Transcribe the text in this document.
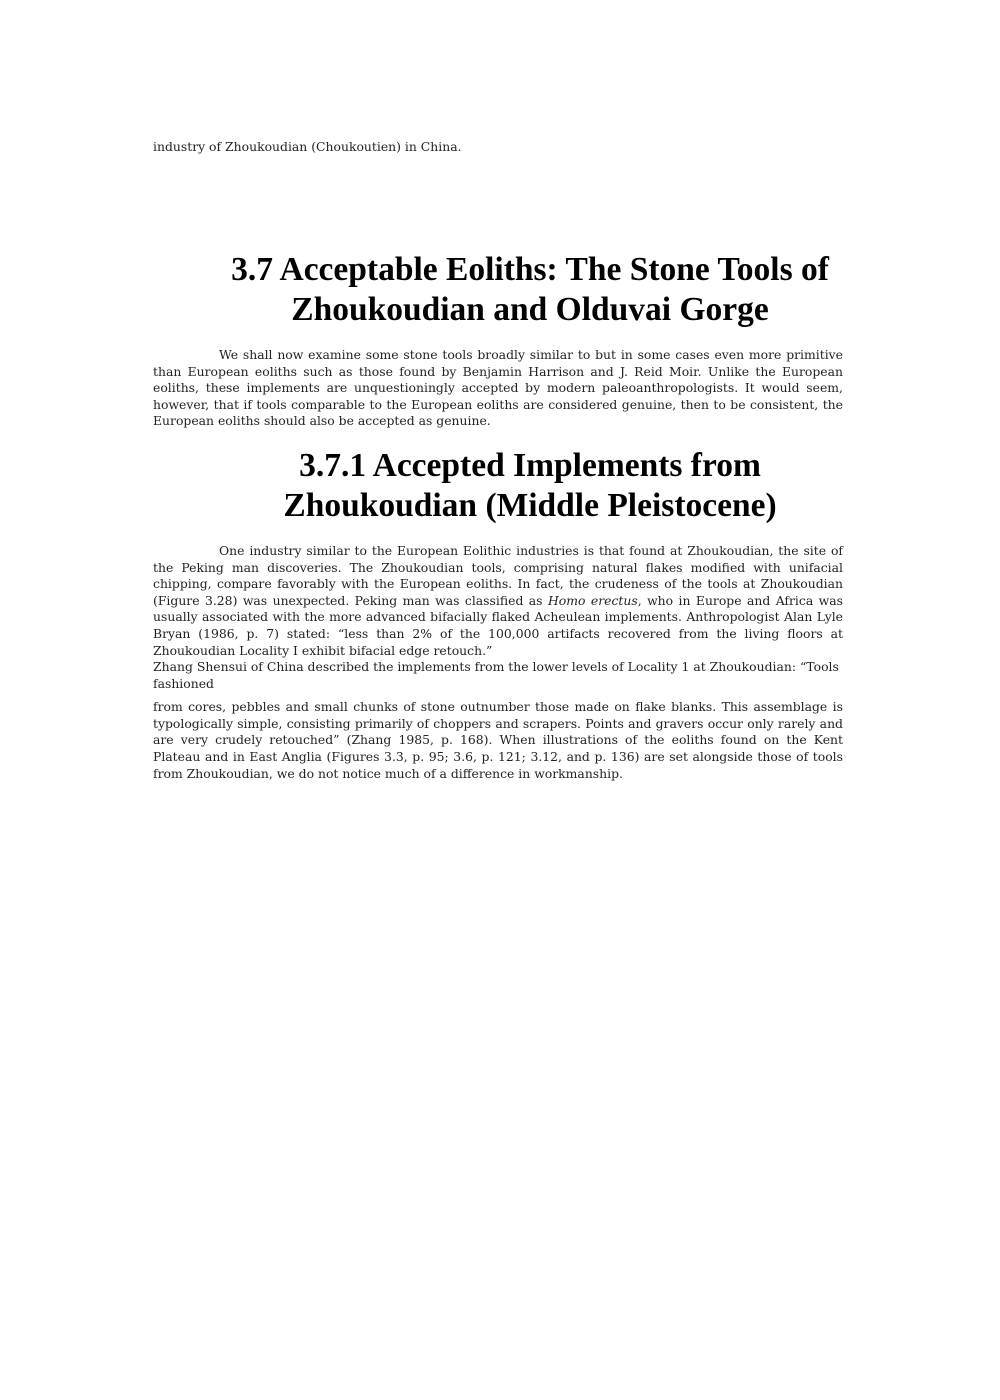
industry of Zhoukoudian (Choukoutien) in China.
3.7 Acceptable Eoliths: The Stone Tools of
Zhoukoudian and Olduvai Gorge
We shall now examine some stone tools broadly similar to but in some cases even more primitive than European eoliths such as those found by Benjamin Harrison and J. Reid Moir. Unlike the European eoliths, these implements are unquestioningly accepted by modern paleoanthropologists. It would seem, however, that if tools comparable to the European eoliths are considered genuine, then to be consistent, the European eoliths should also be accepted as genuine.
3.7.1 Accepted Implements from
Zhoukoudian (Middle Pleistocene)
One industry similar to the European Eolithic industries is that found at Zhoukoudian, the site of the Peking man discoveries. The Zhoukoudian tools, comprising natural flakes modified with unifacial chipping, compare favorably with the European eoliths. In fact, the crudeness of the tools at Zhoukoudian (Figure 3.28) was unexpected. Peking man was classified as Homo erectus, who in Europe and Africa was usually associated with the more advanced bifacially flaked Acheulean implements. Anthropologist Alan Lyle Bryan (1986, p. 7) stated: “less than 2% of the 100,000 artifacts recovered from the living floors at Zhoukoudian Locality I exhibit bifacial edge retouch.”
Zhang Shensui of China described the implements from the lower levels of Locality 1 at Zhoukoudian: “Tools fashioned
from cores, pebbles and small chunks of stone outnumber those made on flake blanks. This assemblage is typologically simple, consisting primarily of choppers and scrapers. Points and gravers occur only rarely and are very crudely retouched” (Zhang 1985, p. 168). When illustrations of the eoliths found on the Kent Plateau and in East Anglia (Figures 3.3, p. 95; 3.6, p. 121; 3.12, and p. 136) are set alongside those of tools from Zhoukoudian, we do not notice much of a difference in workmanship.
